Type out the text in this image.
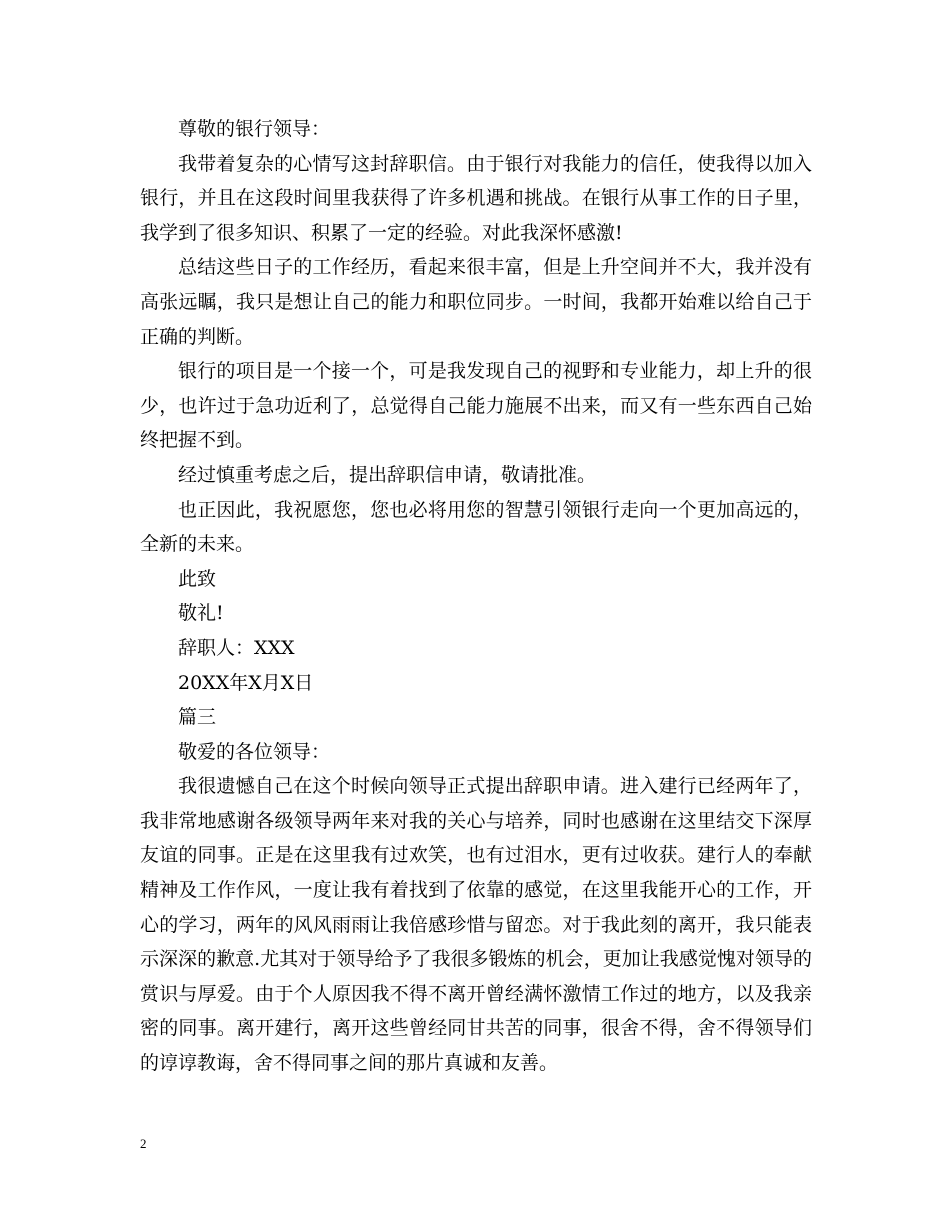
尊敬的银行领导：

我带着复杂的心情写这封辞职信。由于银行对我能力的信任，使我得以加入银行，并且在这段时间里我获得了许多机遇和挑战。在银行从事工作的日子里，我学到了很多知识、积累了一定的经验。对此我深怀感激!

总结这些日子的工作经历，看起来很丰富，但是上升空间并不大，我并没有高张远瞩，我只是想让自己的能力和职位同步。一时间，我都开始难以给自己于正确的判断。

银行的项目是一个接一个，可是我发现自己的视野和专业能力，却上升的很少，也许过于急功近利了，总觉得自己能力施展不出来，而又有一些东西自己始终把握不到。

经过慎重考虑之后，提出辞职信申请，敬请批准。

也正因此，我祝愿您，您也必将用您的智慧引领银行走向一个更加高远的，全新的未来。

此致

敬礼!

辞职人：XXX

20XX年X月X日

篇三

敬爱的各位领导：

我很遗憾自己在这个时候向领导正式提出辞职申请。进入建行已经两年了，我非常地感谢各级领导两年来对我的关心与培养，同时也感谢在这里结交下深厚友谊的同事。正是在这里我有过欢笑，也有过泪水，更有过收获。建行人的奉献精神及工作作风，一度让我有着找到了依靠的感觉，在这里我能开心的工作，开心的学习，两年的风风雨雨让我倍感珍惜与留恋。对于我此刻的离开，我只能表示深深的歉意.尤其对于领导给予了我很多锻炼的机会，更加让我感觉愧对领导的赏识与厚爱。由于个人原因我不得不离开曾经满怀激情工作过的地方，以及我亲密的同事。离开建行，离开这些曾经同甘共苦的同事，很舍不得，舍不得领导们的谆谆教诲，舍不得同事之间的那片真诚和友善。

2
